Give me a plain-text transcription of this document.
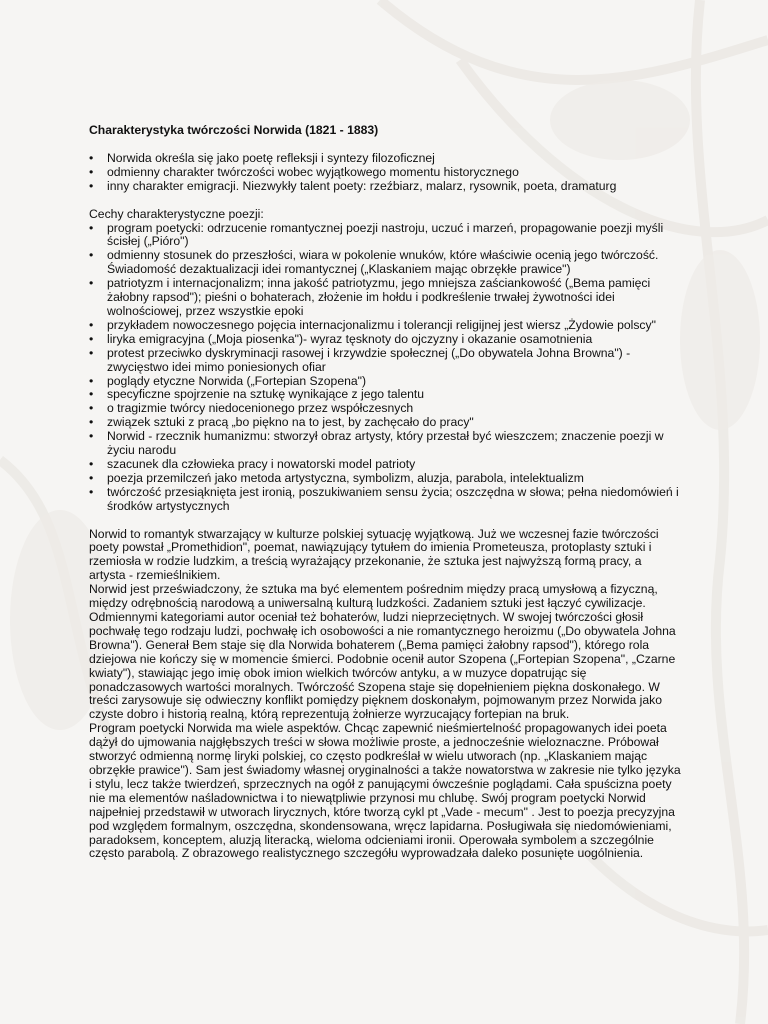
Charakterystyka twórczości Norwida (1821 - 1883)
• Norwida określa się jako poetę refleksji i syntezy filozoficznej
• odmienny charakter twórczości wobec wyjątkowego momentu historycznego
• inny charakter emigracji. Niezwykły talent poety: rzeźbiarz, malarz, rysownik, poeta, dramaturg
Cechy charakterystyczne poezji:
• program poetycki: odrzucenie romantycznej poezji nastroju, uczuć i marzeń, propagowanie poezji myśli ścisłej („Pióro")
• odmienny stosunek do przeszłości, wiara w pokolenie wnuków, które właściwie ocenią jego twórczość. Świadomość dezaktualizacji idei romantycznej („Klaskaniem mając obrzękłe prawice")
• patriotyzm i internacjonalizm; inna jakość patriotyzmu, jego mniejsza zaściankowość („Bema pamięci żałobny rapsod"); pieśni o bohaterach, złożenie im hołdu i podkreślenie trwałej żywotności idei wolnościowej, przez wszystkie epoki
• przykładem nowoczesnego pojęcia internacjonalizmu i tolerancji religijnej jest wiersz „Żydowie polscy"
• liryka emigracyjna („Moja piosenka")- wyraz tęsknoty do ojczyzny i okazanie osamotnienia
• protest przeciwko dyskryminacji rasowej i krzywdzie społecznej („Do obywatela Johna Browna") - zwycięstwo idei mimo poniesionych ofiar
• poglądy etyczne Norwida („Fortepian Szopena")
• specyficzne spojrzenie na sztukę wynikające z jego talentu
• o tragizmie twórcy niedocenionego przez współczesnych
• związek sztuki z pracą „bo piękno na to jest, by zachęcało do pracy"
• Norwid - rzecznik humanizmu: stworzył obraz artysty, który przestał być wieszczem; znaczenie poezji w życiu narodu
• szacunek dla człowieka pracy i nowatorski model patrioty
• poezja przemilczeń jako metoda artystyczna, symbolizm, aluzja, parabola, intelektualizm
• twórczość przesiąknięta jest ironią, poszukiwaniem sensu życia; oszczędna w słowa; pełna niedomówień i środków artystycznych

Norwid to romantyk stwarzający w kulturze polskiej sytuację wyjątkową. Już we wczesnej fazie twórczości poety powstał „Promethidion", poemat, nawiązujący tytułem do imienia Prometeusza, protoplasty sztuki i rzemiosła w rodzie ludzkim, a treścią wyrażający przekonanie, że sztuka jest najwyższą formą pracy, a artysta - rzemieślnikiem.

Norwid jest przeświadczony, że sztuka ma być elementem pośrednim między pracą umysłową a fizyczną, między odrębnością narodową a uniwersalną kulturą ludzkości. Zadaniem sztuki jest łączyć cywilizacje. Odmiennymi kategoriami autor oceniał też bohaterów, ludzi nieprzeciętnych. W swojej twórczości głosił pochwałę tego rodzaju ludzi, pochwałę ich osobowości a nie romantycznego heroizmu („Do obywatela Johna Browna"). Generał Bem staje się dla Norwida bohaterem („Bema pamięci żałobny rapsod"), którego rola dziejowa nie kończy się w momencie śmierci. Podobnie ocenił autor Szopena („Fortepian Szopena", „Czarne kwiaty"), stawiając jego imię obok imion wielkich twórców antyku, a w muzyce dopatrując się ponadczasowych wartości moralnych. Twórczość Szopena staje się dopełnieniem piękna doskonałego. W treści zarysowuje się odwieczny konflikt pomiędzy pięknem doskonałym, pojmowanym przez Norwida jako czyste dobro i historią realną, którą reprezentują żołnierze wyrzucający fortepian na bruk.

Program poetycki Norwida ma wiele aspektów. Chcąc zapewnić nieśmiertelność propagowanych idei poeta dążył do ujmowania najgłębszych treści w słowa możliwie proste, a jednocześnie wieloznaczne. Próbował stworzyć odmienną normę liryki polskiej, co często podkreślał w wielu utworach (np. „Klaskaniem mając obrzękłe prawice"). Sam jest świadomy własnej oryginalności a także nowatorstwa w zakresie nie tylko języka i stylu, lecz także twierdzeń, sprzecznych na ogół z panującymi ówcześnie poglądami. Cała spuścizna poety nie ma elementów naśladownictwa i to niewątpliwie przynosi mu chlubę. Swój program poetycki Norwid najpełniej przedstawił w utworach lirycznych, które tworzą cykl pt „Vade - mecum" . Jest to poezja precyzyjna pod względem formalnym, oszczędna, skondensowana, wręcz lapidarna. Posługiwała się niedomówieniami, paradoksem, konceptem, aluzją literacką, wieloma odcieniami ironii. Operowała symbolem a szczególnie często parabolą. Z obrazowego realistycznego szczegółu wyprowadzała daleko posunięte uogólnienia.
